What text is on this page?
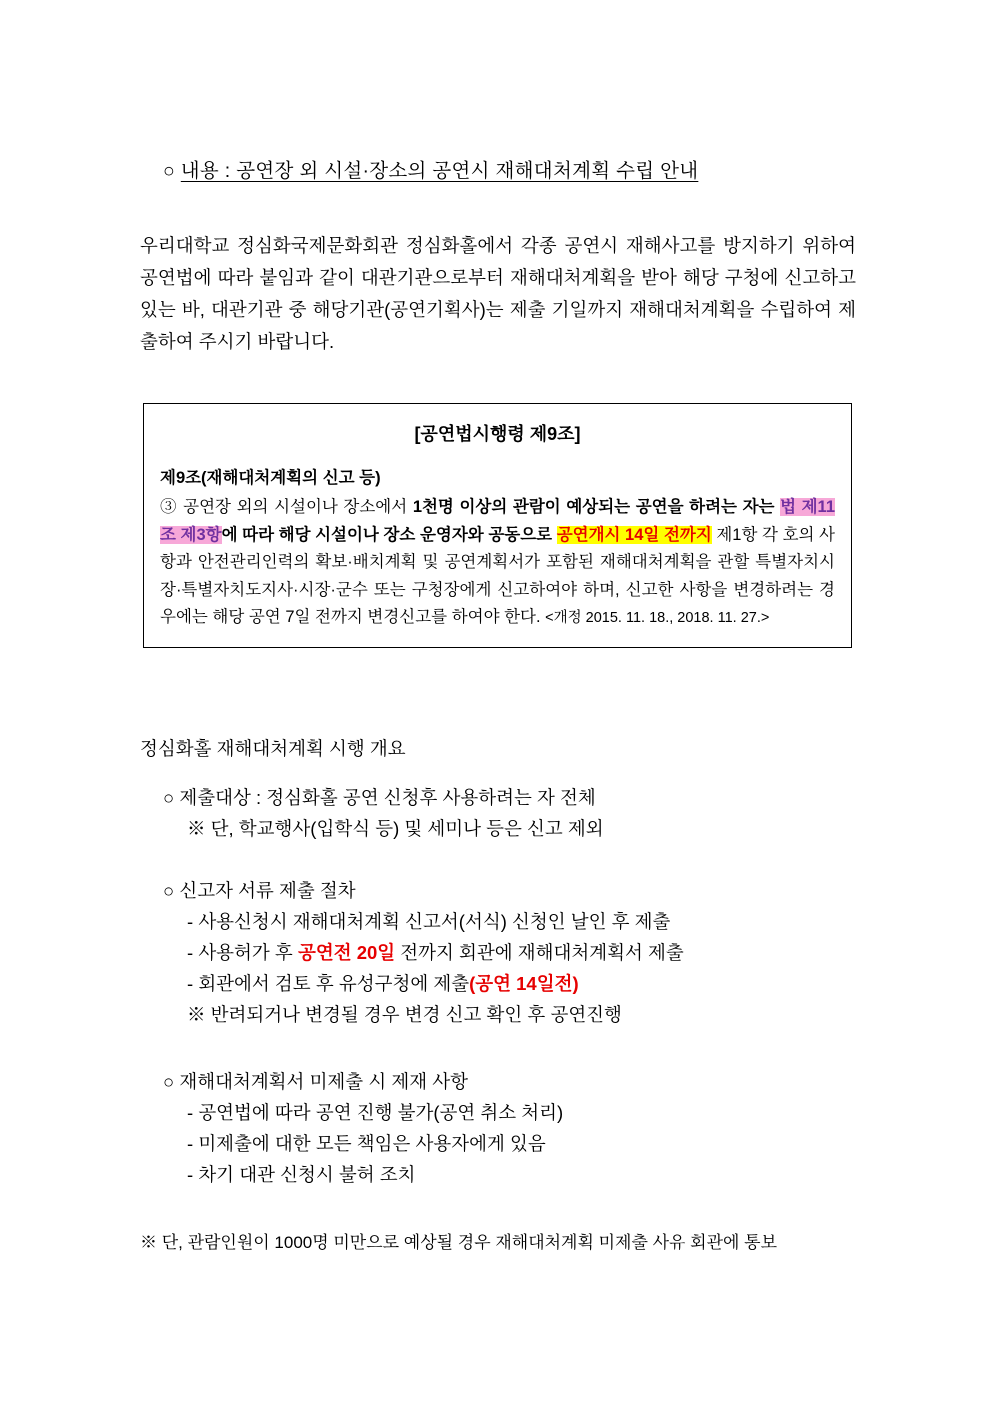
○ 내용 : 공연장 외 시설·장소의 공연시 재해대처계획 수립 안내

우리대학교 정심화국제문화회관 정심화홀에서 각종 공연시 재해사고를 방지하기 위하여 공연법에 따라 붙임과 같이 대관기관으로부터 재해대처계획을 받아 해당 구청에 신고하고 있는 바, 대관기관 중 해당기관(공연기획사)는 제출 기일까지 재해대처계획을 수립하여 제출하여 주시기 바랍니다.

[공연법시행령 제9조]
제9조(재해대처계획의 신고 등)
③ 공연장 외의 시설이나 장소에서 1천명 이상의 관람이 예상되는 공연을 하려는 자는 법 제11조 제3항에 따라 해당 시설이나 장소 운영자와 공동으로 공연개시 14일 전까지 제1항 각 호의 사항과 안전관리인력의 확보·배치계획 및 공연계획서가 포함된 재해대처계획을 관할 특별자치시장·특별자치도지사·시장·군수 또는 구청장에게 신고하여야 하며, 신고한 사항을 변경하려는 경우에는 해당 공연 7일 전까지 변경신고를 하여야 한다. <개정 2015. 11. 18., 2018. 11. 27.>
정심화홀 재해대처계획 시행 개요
○ 제출대상 : 정심화홀 공연 신청후 사용하려는 자 전체
※ 단, 학교행사(입학식 등) 및 세미나 등은 신고 제외
○ 신고자 서류 제출 절차
- 사용신청시 재해대처계획 신고서(서식) 신청인 날인 후 제출
- 사용허가 후 공연전 20일 전까지 회관에 재해대처계획서 제출
- 회관에서 검토 후 유성구청에 제출(공연 14일전)
※ 반려되거나 변경될 경우 변경 신고 확인 후 공연진행
○ 재해대처계획서 미제출 시 제재 사항
- 공연법에 따라 공연 진행 불가(공연 취소 처리)
- 미제출에 대한 모든 책임은 사용자에게 있음
- 차기 대관 신청시 불허 조치
※ 단, 관람인원이 1000명 미만으로 예상될 경우 재해대처계획 미제출 사유 회관에 통보
